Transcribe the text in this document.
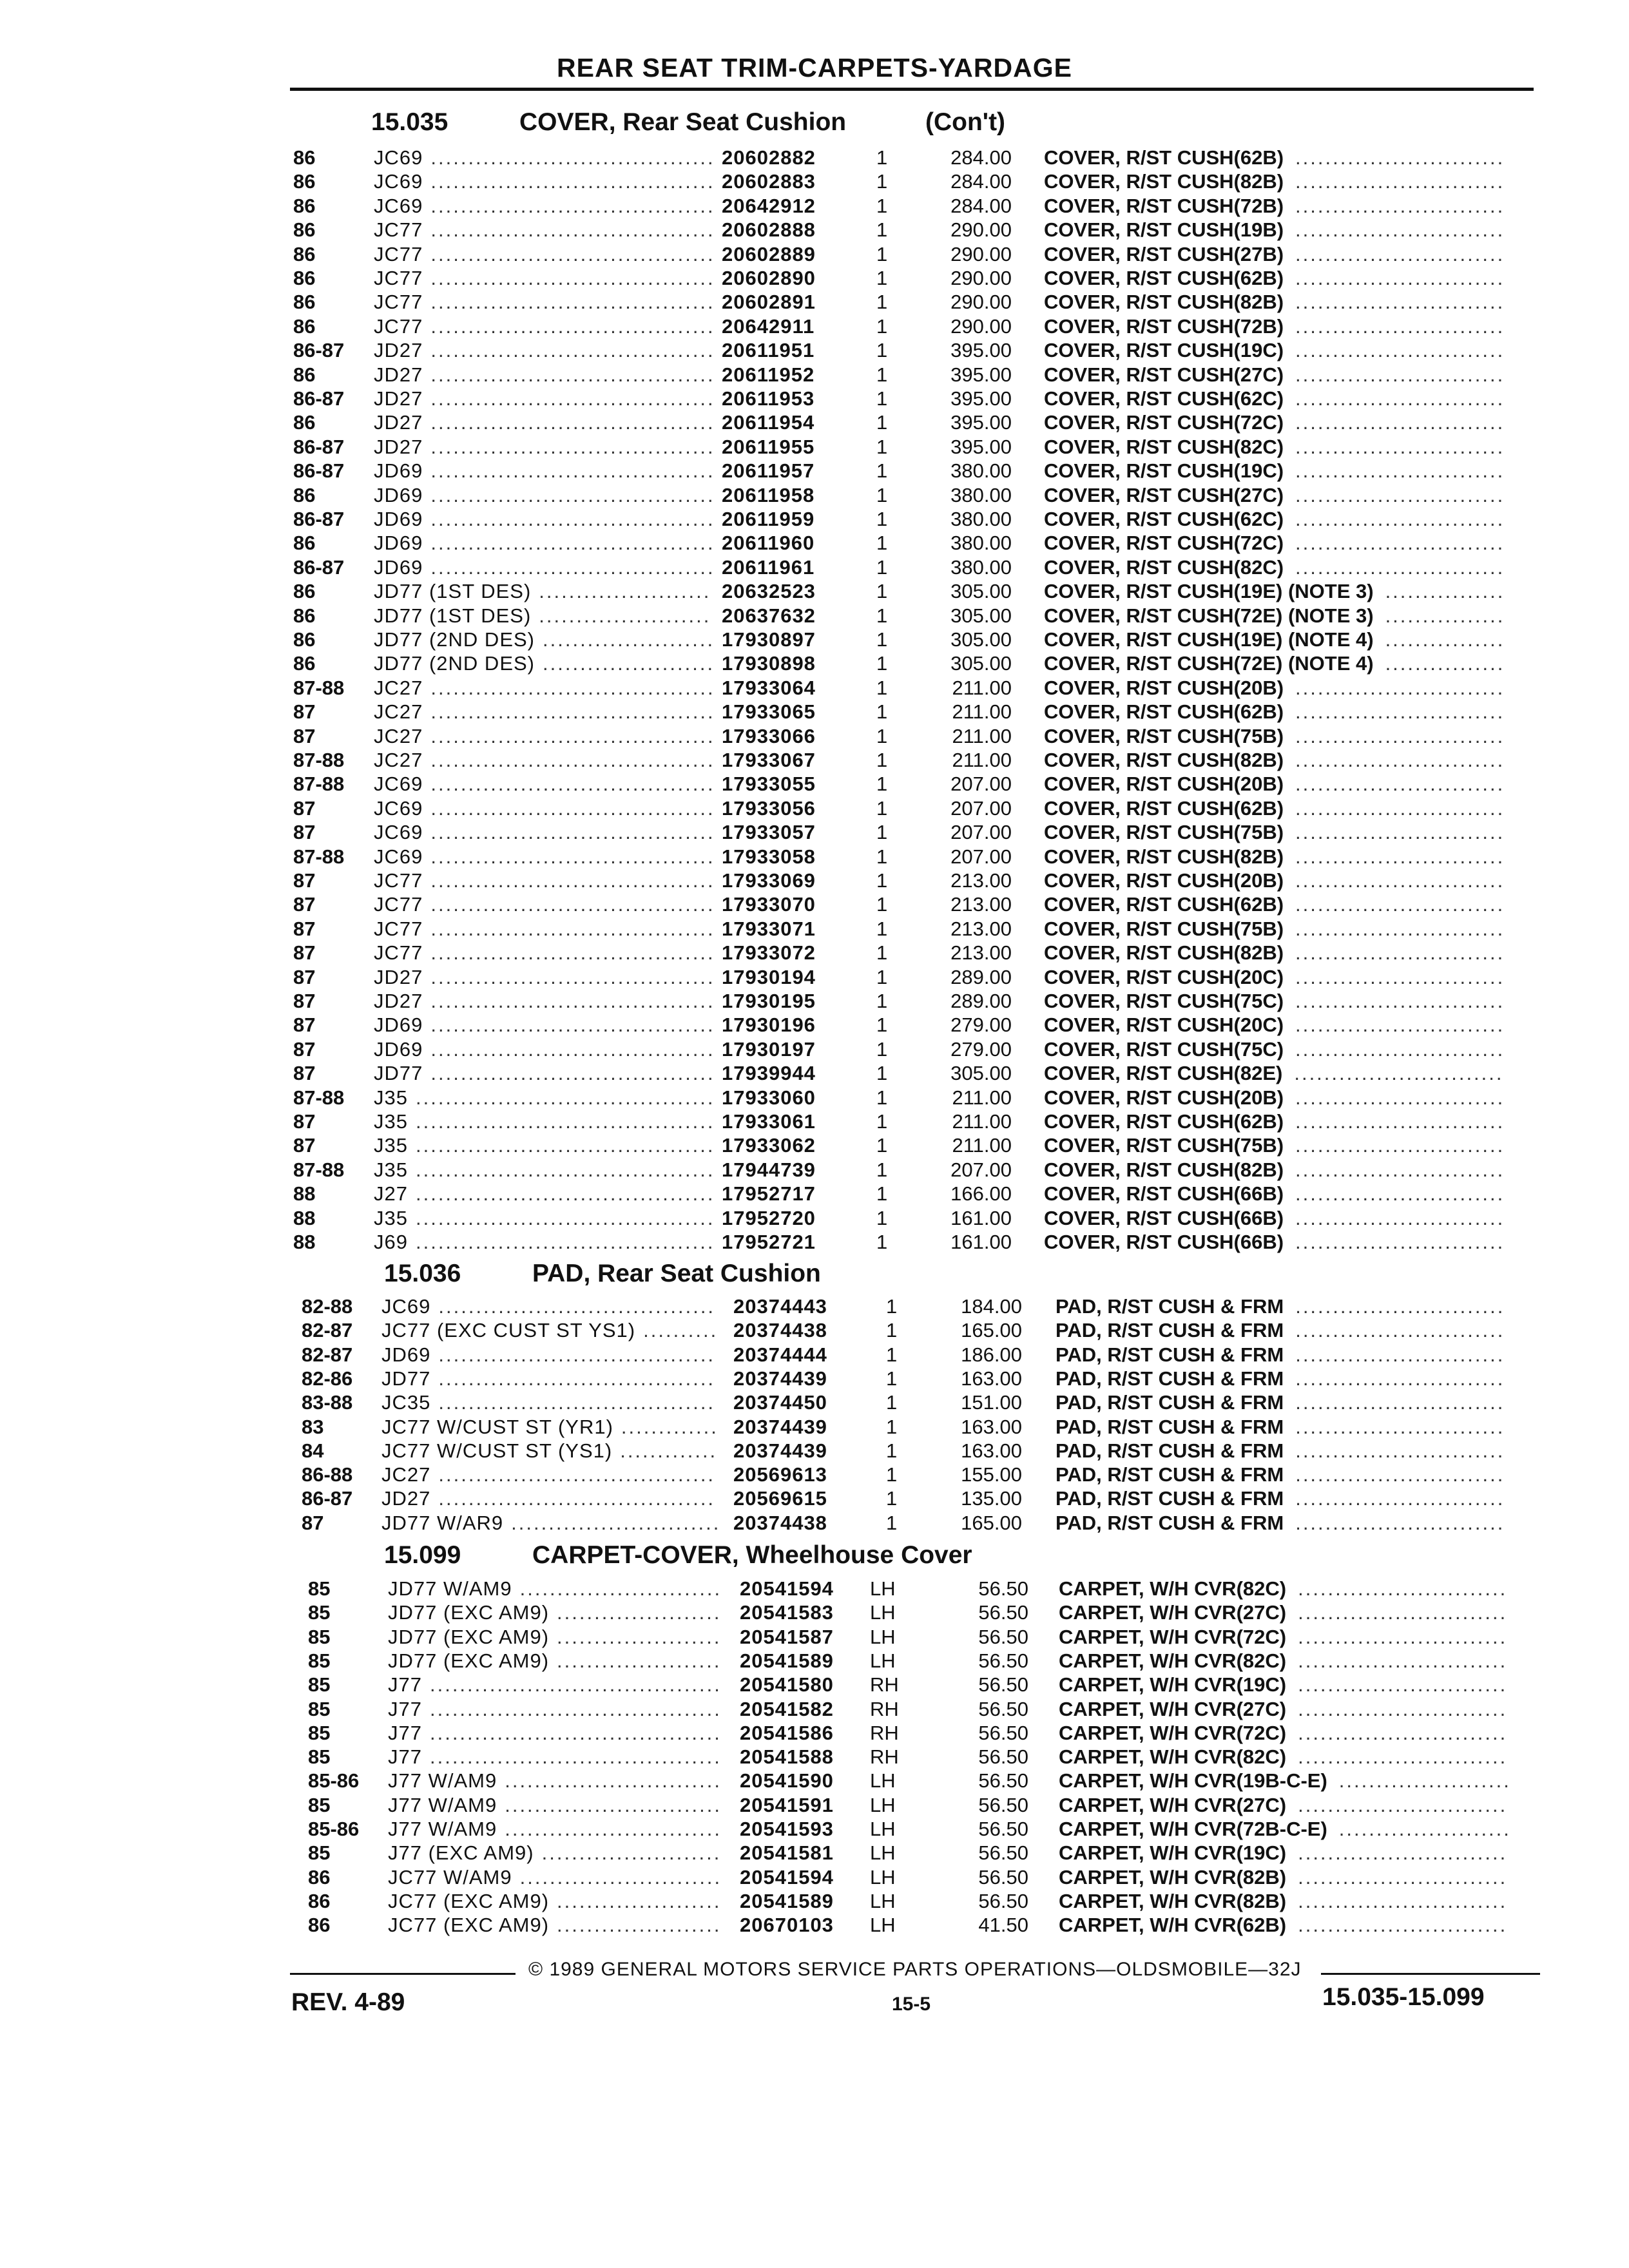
REAR SEAT TRIM-CARPETS-YARDAGE
15.035	COVER, Rear Seat Cushion	(Con't)
86	JC69	20602882	1	284.00 COVER, R/ST CUSH(62B)
......................................	............................
86	JC69	20602883	1	284.00 COVER, R/ST CUSH(82B)
......................................	............................
86	JC69	20642912	1	284.00 COVER, R/ST CUSH(72B)
......................................	............................
86	JC77	20602888	1	290.00 COVER, R/ST CUSH(19B)
......................................	............................
86	JC77	20602889	1	290.00 COVER, R/ST CUSH(27B)
......................................	............................
86	JC77	20602890	1	290.00 COVER, R/ST CUSH(62B)
......................................	............................
86	JC77	20602891	1	290.00 COVER, R/ST CUSH(82B)
......................................	............................
86	JC77	20642911	1	290.00 COVER, R/ST CUSH(72B)
......................................	............................
86-87 JD27	20611951	1	395.00 COVER, R/ST CUSH(19C)
......................................	............................
86	JD27	20611952	1	395.00 COVER, R/ST CUSH(27C)
......................................	............................
86-87 JD27	20611953	1	395.00 COVER, R/ST CUSH(62C)
......................................	............................
86	JD27	20611954	1	395.00 COVER, R/ST CUSH(72C)
......................................	............................
86-87 JD27	20611955	1	395.00 COVER, R/ST CUSH(82C)
......................................	............................
86-87 JD69	20611957	1	380.00 COVER, R/ST CUSH(19C)
......................................	............................
86	JD69	20611958	1	380.00 COVER, R/ST CUSH(27C)
......................................	............................
86-87 JD69	20611959	1	380.00 COVER, R/ST CUSH(62C)
......................................	............................
86	JD69	20611960	1	380.00 COVER, R/ST CUSH(72C)
......................................	............................
86-87 JD69	20611961	1	380.00 COVER, R/ST CUSH(82C)
......................................	............................
86	JD77 (1ST DES)	20632523	1	305.00 COVER, R/ST CUSH(19E) (NOTE 3)
.......................	................
86	JD77 (1ST DES)	20637632	1	305.00 COVER, R/ST CUSH(72E) (NOTE 3)
.......................	................
86	JD77 (2ND DES)	17930897	1	305.00 COVER, R/ST CUSH(19E) (NOTE 4)
.......................	................
86	JD77 (2ND DES)	17930898	1	305.00 COVER, R/ST CUSH(72E) (NOTE 4)
.......................	................
87-88 JC27	17933064	1	211.00 COVER, R/ST CUSH(20B)
......................................	............................
87	JC27	17933065	1	211.00 COVER, R/ST CUSH(62B)
......................................	............................
87	JC27	17933066	1	211.00 COVER, R/ST CUSH(75B)
......................................	............................
87-88 JC27	17933067	1	211.00 COVER, R/ST CUSH(82B)
......................................	............................
87-88 JC69	17933055	1	207.00 COVER, R/ST CUSH(20B)
......................................	............................
87	JC69	17933056	1	207.00 COVER, R/ST CUSH(62B)
......................................	............................
87	JC69	17933057	1	207.00 COVER, R/ST CUSH(75B)
......................................	............................
87-88 JC69	17933058	1	207.00 COVER, R/ST CUSH(82B)
......................................	............................
87	JC77	17933069	1	213.00 COVER, R/ST CUSH(20B)
......................................	............................
87	JC77	17933070	1	213.00 COVER, R/ST CUSH(62B)
......................................	............................
87	JC77	17933071	1	213.00 COVER, R/ST CUSH(75B)
......................................	............................
87	JC77	17933072	1	213.00 COVER, R/ST CUSH(82B)
......................................	............................
87	JD27	17930194	1	289.00 COVER, R/ST CUSH(20C)
......................................	............................
87	JD27	17930195	1	289.00 COVER, R/ST CUSH(75C)
......................................	............................
87	JD69	17930196	1	279.00 COVER, R/ST CUSH(20C)
......................................	............................
87	JD69	17930197	1	279.00 COVER, R/ST CUSH(75C)
......................................	............................
87	JD77	17939944	1	305.00 COVER, R/ST CUSH(82E)
......................................	............................
87-88 J35	17933060	1	211.00 COVER, R/ST CUSH(20B)
........................................	............................
87	J35	17933061	1	211.00 COVER, R/ST CUSH(62B)
........................................	............................
87	J35	17933062	1	211.00 COVER, R/ST CUSH(75B)
........................................	............................
87-88 J35	17944739	1	207.00 COVER, R/ST CUSH(82B)
........................................	............................
88	J27	17952717	1	166.00 COVER, R/ST CUSH(66B)
........................................	............................
88	J35	17952720	1	161.00 COVER, R/ST CUSH(66B)
........................................	............................
88	J69	17952721	1	161.00 COVER, R/ST CUSH(66B)
........................................	............................
15.036	PAD, Rear Seat Cushion
82-88 JC69	20374443	1	184.00 PAD, R/ST CUSH & FRM
.....................................	............................
82-87 JC77 (EXC CUST ST YS1)	20374438	1	165.00 PAD, R/ST CUSH & FRM
..........	............................
82-87 JD69	20374444	1	186.00 PAD, R/ST CUSH & FRM
.....................................	............................
82-86 JD77	20374439	1	163.00 PAD, R/ST CUSH & FRM
.....................................	............................
83-88 JC35	20374450	1	151.00 PAD, R/ST CUSH & FRM
.....................................	............................
83	JC77 W/CUST ST (YR1)	20374439	1	163.00 PAD, R/ST CUSH & FRM
.............	............................
84	JC77 W/CUST ST (YS1)	20374439	1	163.00 PAD, R/ST CUSH & FRM
.............	............................
86-88 JC27	20569613	1	155.00 PAD, R/ST CUSH & FRM
.....................................	............................
86-87 JD27	20569615	1	135.00 PAD, R/ST CUSH & FRM
.....................................	............................
87	JD77 W/AR9	20374438	1	165.00 PAD, R/ST CUSH & FRM
............................	............................
15.099	CARPET-COVER, Wheelhouse Cover
85	JD77 W/AM9	20541594 LH	56.50 CARPET, W/H CVR(82C)
...........................	............................
85	JD77 (EXC AM9)	20541583 LH	56.50 CARPET, W/H CVR(27C)
......................	............................
85	JD77 (EXC AM9)	20541587 LH	56.50 CARPET, W/H CVR(72C)
......................	............................
85	JD77 (EXC AM9)	20541589 LH	56.50 CARPET, W/H CVR(82C)
......................	............................
85	J77	20541580 RH	56.50 CARPET, W/H CVR(19C)
.......................................	............................
85	J77	20541582 RH	56.50 CARPET, W/H CVR(27C)
.......................................	............................
85	J77	20541586 RH	56.50 CARPET, W/H CVR(72C)
.......................................	............................
85	J77	20541588 RH	56.50 CARPET, W/H CVR(82C)
.......................................	............................
85-86 J77 W/AM9	20541590 LH	56.50 CARPET, W/H CVR(19B-C-E)
.............................	.......................
85	J77 W/AM9	20541591 LH	56.50 CARPET, W/H CVR(27C)
.............................	............................
85-86 J77 W/AM9	20541593 LH	56.50 CARPET, W/H CVR(72B-C-E)
.............................	.......................
85	J77 (EXC AM9)	20541581 LH	56.50 CARPET, W/H CVR(19C)
........................	............................
86	JC77 W/AM9	20541594 LH	56.50 CARPET, W/H CVR(82B)
...........................	............................
86	JC77 (EXC AM9)	20541589 LH	56.50 CARPET, W/H CVR(82B)
......................	............................
86	JC77 (EXC AM9)	20670103 LH	41.50 CARPET, W/H CVR(62B)
......................	............................
© 1989 GENERAL MOTORS SERVICE PARTS OPERATIONS—OLDSMOBILE—32J
REV. 4-89	15-5	15.035-15.099
